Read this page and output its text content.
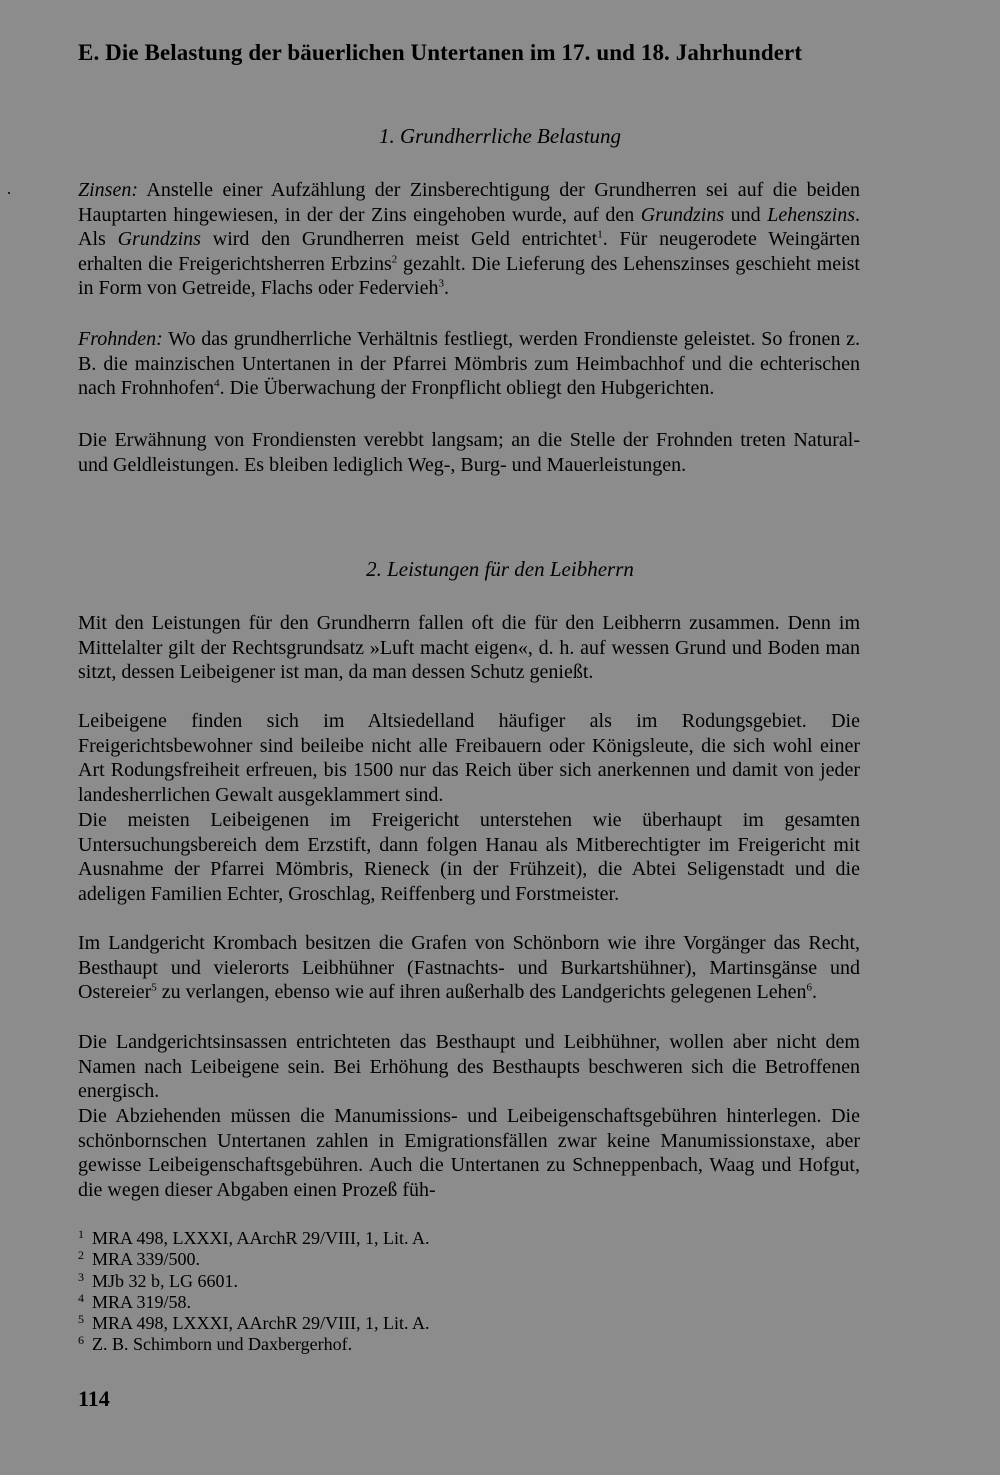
E. Die Belastung der bäuerlichen Untertanen im 17. und 18. Jahrhundert
1. Grundherrliche Belastung

Zinsen: Anstelle einer Aufzählung der Zinsberechtigung der Grundherren sei auf die beiden Hauptarten hingewiesen, in der der Zins eingehoben wurde, auf den Grundzins und Lehenszins. Als Grundzins wird den Grundherren meist Geld entrichtet$^1$. Für neugerodete Weingärten erhalten die Freigerichtsherren Erbzins$^2$ gezahlt. Die Lieferung des Lehenszinses geschieht meist in Form von Getreide, Flachs oder Federvieh$^3$.

Frohnden: Wo das grundherrliche Verhältnis festliegt, werden Frondienste geleistet. So fronen z. B. die mainzischen Untertanen in der Pfarrei Mömbris zum Heimbachhof und die echterischen nach Frohnhofen$^4$. Die Überwachung der Fronpflicht obliegt den Hubgerichten.

Die Erwähnung von Frondiensten verebbt langsam; an die Stelle der Frohnden treten Natural- und Geldleistungen. Es bleiben lediglich Weg-, Burg- und Mauerleistungen.

2. Leistungen für den Leibherrn

Mit den Leistungen für den Grundherrn fallen oft die für den Leibherrn zusammen. Denn im Mittelalter gilt der Rechtsgrundsatz »Luft macht eigen«, d. h. auf wessen Grund und Boden man sitzt, dessen Leibeigener ist man, da man dessen Schutz genießt.

Leibeigene finden sich im Altsiedelland häufiger als im Rodungsgebiet. Die Freigerichtsbewohner sind beileibe nicht alle Freibauern oder Königsleute, die sich wohl einer Art Rodungsfreiheit erfreuen, bis 1500 nur das Reich über sich anerkennen und damit von jeder landesherrlichen Gewalt ausgeklammert sind.

Die meisten Leibeigenen im Freigericht unterstehen wie überhaupt im gesamten Untersuchungsbereich dem Erzstift, dann folgen Hanau als Mitberechtigter im Freigericht mit Ausnahme der Pfarrei Mömbris, Rieneck (in der Frühzeit), die Abtei Seligenstadt und die adeligen Familien Echter, Groschlag, Reiffenberg und Forstmeister.

Im Landgericht Krombach besitzen die Grafen von Schönborn wie ihre Vorgänger das Recht, Besthaupt und vielerorts Leibhühner (Fastnachts- und Burkartshühner), Martinsgänse und Ostereier$^5$ zu verlangen, ebenso wie auf ihren außerhalb des Landgerichts gelegenen Lehen$^6$.

Die Landgerichtsinsassen entrichteten das Besthaupt und Leibhühner, wollen aber nicht dem Namen nach Leibeigene sein. Bei Erhöhung des Besthaupts beschweren sich die Betroffenen energisch.

Die Abziehenden müssen die Manumissions- und Leibeigenschaftsgebühren hinterlegen. Die schönbornschen Untertanen zahlen in Emigrationsfällen zwar keine Manumissionstaxe, aber gewisse Leibeigenschaftsgebühren. Auch die Untertanen zu Schneppenbach, Waag und Hofgut, die wegen dieser Abgaben einen Prozeß füh-

1 MRA 498, LXXXI, AArchR 29/VIII, 1, Lit. A.
2 MRA 339/500.
3 MJb 32 b, LG 6601.
4 MRA 319/58.
5 MRA 498, LXXXI, AArchR 29/VIII, 1, Lit. A.
6 Z. B. Schimborn und Daxbergerhof.
114
